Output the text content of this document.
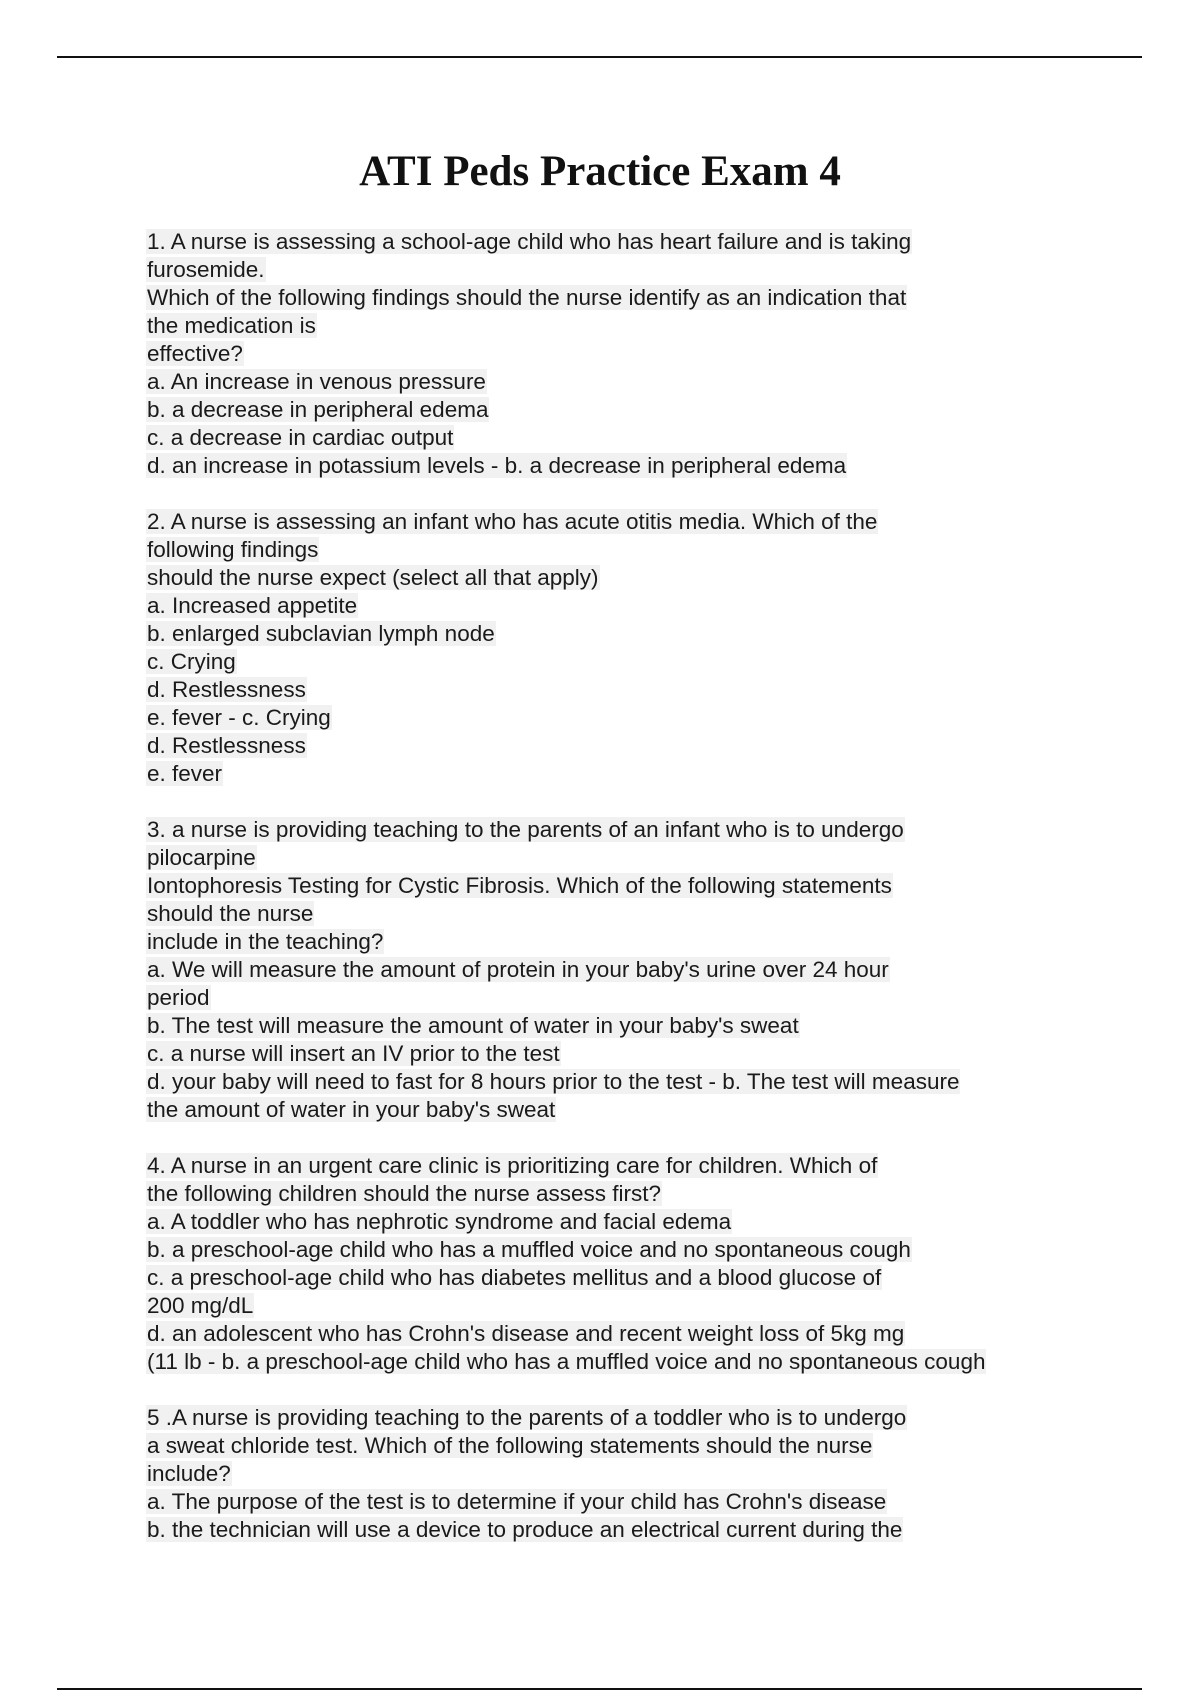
ATI Peds Practice Exam 4
1. A nurse is assessing a school-age child who has heart failure and is taking
furosemide.
Which of the following findings should the nurse identify as an indication that
the medication is
effective?
a. An increase in venous pressure
b. a decrease in peripheral edema
c. a decrease in cardiac output
d. an increase in potassium levels - b. a decrease in peripheral edema
2. A nurse is assessing an infant who has acute otitis media. Which of the
following findings
should the nurse expect (select all that apply)
a. Increased appetite
b. enlarged subclavian lymph node
c. Crying
d. Restlessness
e. fever - c. Crying
d. Restlessness
e. fever
3. a nurse is providing teaching to the parents of an infant who is to undergo
pilocarpine
Iontophoresis Testing for Cystic Fibrosis. Which of the following statements
should the nurse
include in the teaching?
a. We will measure the amount of protein in your baby's urine over 24 hour
period
b. The test will measure the amount of water in your baby's sweat
c. a nurse will insert an IV prior to the test
d. your baby will need to fast for 8 hours prior to the test - b. The test will measure
the amount of water in your baby's sweat
4. A nurse in an urgent care clinic is prioritizing care for children. Which of
the following children should the nurse assess first?
a. A toddler who has nephrotic syndrome and facial edema
b. a preschool-age child who has a muffled voice and no spontaneous cough
c. a preschool-age child who has diabetes mellitus and a blood glucose of
200 mg/dL
d. an adolescent who has Crohn's disease and recent weight loss of 5kg mg
(11 lb - b. a preschool-age child who has a muffled voice and no spontaneous cough
5 .A nurse is providing teaching to the parents of a toddler who is to undergo
a sweat chloride test. Which of the following statements should the nurse
include?
a. The purpose of the test is to determine if your child has Crohn's disease
b. the technician will use a device to produce an electrical current during the
